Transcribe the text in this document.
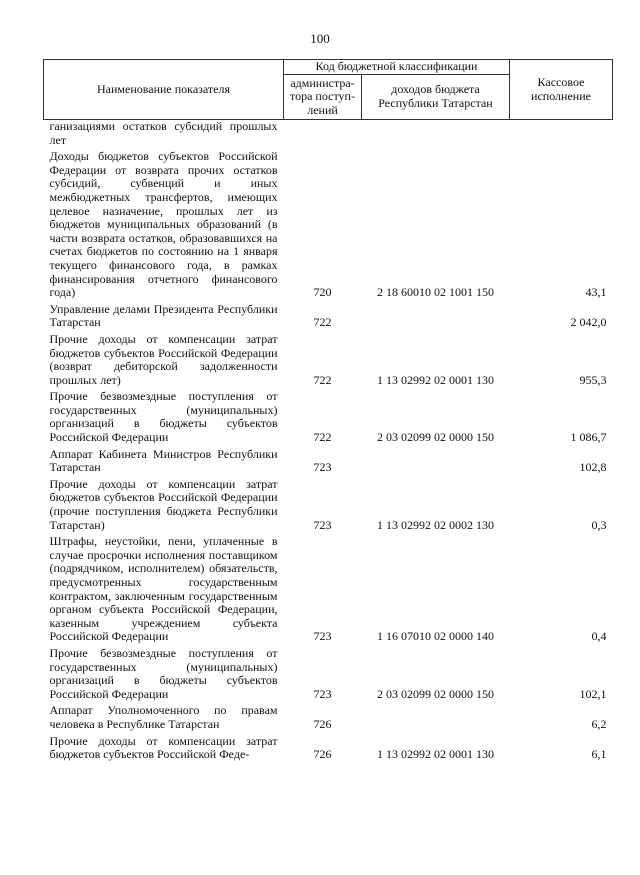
100
Наименование показателя	Код бюджетной классификации		Кассовое исполнение
	администра-тора поступ-лений	доходов бюджета Республики Татарстан	
ганизациями остатков субсидий прошлых лет			
Доходы бюджетов субъектов Российской Федерации от возврата прочих остатков субсидий, субвенций и иных межбюджетных трансфертов, имеющих целевое назначение, прошлых лет из бюджетов муниципальных образований (в части возврата остатков, образовавшихся на счетах бюджетов по состоянию на 1 января текущего финансового года, в рамках финансирования отчетного финансового года)	720	2 18 60010 02 1001 150	43,1
Управление делами Президента Республики Татарстан	722		2 042,0
Прочие доходы от компенсации затрат бюджетов субъектов Российской Федерации (возврат дебиторской задолженности прошлых лет)	722	1 13 02992 02 0001 130	955,3
Прочие безвозмездные поступления от государственных (муниципальных) организаций в бюджеты субъектов Российской Федерации	722	2 03 02099 02 0000 150	1 086,7
Аппарат Кабинета Министров Республики Татарстан	723		102,8
Прочие доходы от компенсации затрат бюджетов субъектов Российской Федерации (прочие поступления бюджета Республики Татарстан)	723	1 13 02992 02 0002 130	0,3
Штрафы, неустойки, пени, уплаченные в случае просрочки исполнения поставщиком (подрядчиком, исполнителем) обязательств, предусмотренных государственным контрактом, заключенным государственным органом субъекта Российской Федерации, казенным учреждением субъекта Российской Федерации	723	1 16 07010 02 0000 140	0,4
Прочие безвозмездные поступления от государственных (муниципальных) организаций в бюджеты субъектов Российской Федерации	723	2 03 02099 02 0000 150	102,1
Аппарат Уполномоченного по правам человека в Республике Татарстан	726		6,2
Прочие доходы от компенсации затрат бюджетов субъектов Российской Феде-	726	1 13 02992 02 0001 130	6,1
